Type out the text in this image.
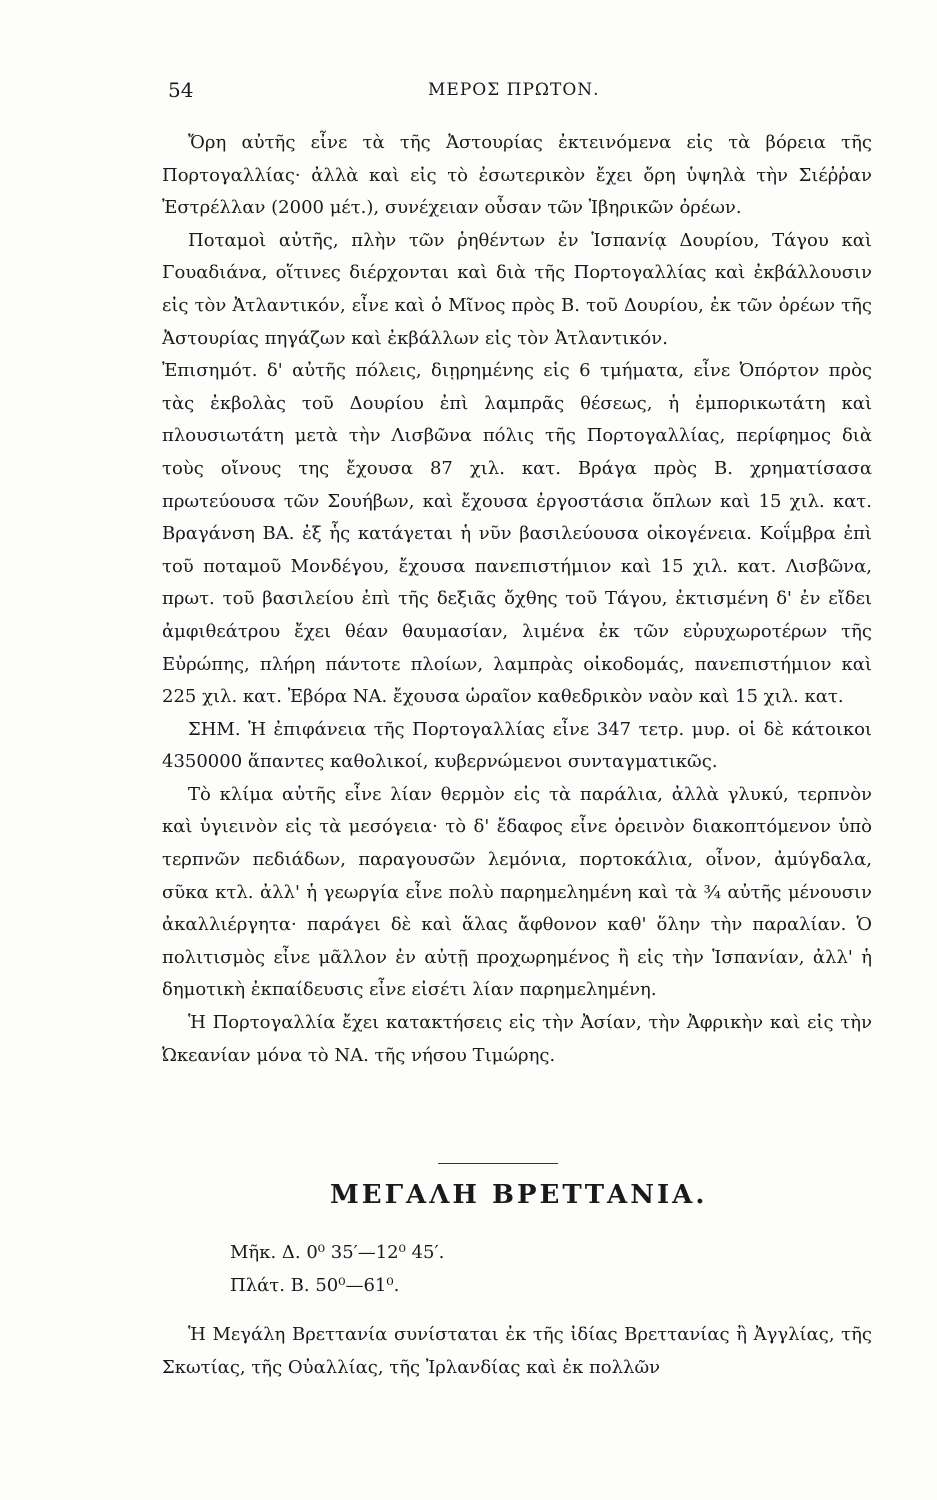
54	ΜΕΡΟΣ ΠΡΩΤΟΝ.

Ὄρη αὐτῆς εἶνε τὰ τῆς Ἀστουρίας ἐκτεινόμενα εἰς τὰ βόρεια τῆς Πορτογαλλίας· ἀλλὰ καὶ εἰς τὸ ἐσωτερικὸν ἔχει ὄρη ὑψηλὰ τὴν Σιέῤῥαν Ἐστρέλλαν (2000 μέτ.), συνέχειαν οὖσαν τῶν Ἰβηρικῶν ὀρέων.

Ποταμοὶ αὐτῆς, πλὴν τῶν ῥηθέντων ἐν Ἱσπανίᾳ Δουρίου, Τάγου καὶ Γουαδιάνα, οἵτινες διέρχονται καὶ διὰ τῆς Πορτογαλλίας καὶ ἐκβάλλουσιν εἰς τὸν Ἀτλαντικόν, εἶνε καὶ ὁ Μῖνος πρὸς Β. τοῦ Δουρίου, ἐκ τῶν ὀρέων τῆς Ἀστουρίας πηγάζων καὶ ἐκβάλλων εἰς τὸν Ἀτλαντικόν.

Ἐπισημότ. δ' αὐτῆς πόλεις, διῃρημένης εἰς 6 τμήματα, εἶνε Ὀπόρτον πρὸς τὰς ἐκβολὰς τοῦ Δουρίου ἐπὶ λαμπρᾶς θέσεως, ἡ ἐμπορικωτάτη καὶ πλουσιωτάτη μετὰ τὴν Λισβῶνα πόλις τῆς Πορτογαλλίας, περίφημος διὰ τοὺς οἴνους της ἔχουσα 87 χιλ. κατ. Βράγα πρὸς Β. χρηματίσασα πρωτεύουσα τῶν Σουήβων, καὶ ἔχουσα ἐργοστάσια ὅπλων καὶ 15 χιλ. κατ. Βραγάνση ΒΑ. ἐξ ἧς κατάγεται ἡ νῦν βασιλεύουσα οἰκογένεια. Κοΐμβρα ἐπὶ τοῦ ποταμοῦ Μονδέγου, ἔχουσα πανεπιστήμιον καὶ 15 χιλ. κατ. Λισβῶνα, πρωτ. τοῦ βασιλείου ἐπὶ τῆς δεξιᾶς ὄχθης τοῦ Τάγου, ἐκτισμένη δ' ἐν εἴδει ἀμφιθεάτρου ἔχει θέαν θαυμασίαν, λιμένα ἐκ τῶν εὐρυχωροτέρων τῆς Εὐρώπης, πλήρη πάντοτε πλοίων, λαμπρὰς οἰκοδομάς, πανεπιστήμιον καὶ 225 χιλ. κατ. Ἐβόρα ΝΑ. ἔχουσα ὡραῖον καθεδρικὸν ναὸν καὶ 15 χιλ. κατ.

ΣΗΜ. Ἡ ἐπιφάνεια τῆς Πορτογαλλίας εἶνε 347 τετρ. μυρ. οἱ δὲ κάτοικοι 4350000 ἅπαντες καθολικοί, κυβερνώμενοι συνταγματικῶς.

Τὸ κλίμα αὐτῆς εἶνε λίαν θερμὸν εἰς τὰ παράλια, ἀλλὰ γλυκύ, τερπνὸν καὶ ὑγιεινὸν εἰς τὰ μεσόγεια· τὸ δ' ἔδαφος εἶνε ὀρεινὸν διακοπτόμενον ὑπὸ τερπνῶν πεδιάδων, παραγουσῶν λεμόνια, πορτοκάλια, οἶνον, ἀμύγδαλα, σῦκα κτλ. ἀλλ' ἡ γεωργία εἶνε πολὺ παρημελημένη καὶ τὰ ¾ αὐτῆς μένουσιν ἀκαλλιέργητα· παράγει δὲ καὶ ἅλας ἄφθονον καθ' ὅλην τὴν παραλίαν. Ὁ πολιτισμὸς εἶνε μᾶλλον ἐν αὐτῇ προχωρημένος ἢ εἰς τὴν Ἱσπανίαν, ἀλλ' ἡ δημοτικὴ ἐκπαίδευσις εἶνε εἰσέτι λίαν παρημελημένη.

Ἡ Πορτογαλλία ἔχει κατακτήσεις εἰς τὴν Ἀσίαν, τὴν Ἀφρικὴν καὶ εἰς τὴν Ὠκεανίαν μόνα τὸ ΝΑ. τῆς νήσου Τιμώρης.

ΜΕΓΑΛΗ ΒΡΕΤΤΑΝΙΑ.
Μῆκ. Δ. 0⁰ 35′—12⁰ 45′.
Πλάτ. Β. 50⁰—61⁰.

Ἡ Μεγάλη Βρεττανία συνίσταται ἐκ τῆς ἰδίας Βρεττανίας ἢ Ἀγγλίας, τῆς Σκωτίας, τῆς Οὐαλλίας, τῆς Ἰρλανδίας καὶ ἐκ πολλῶν
